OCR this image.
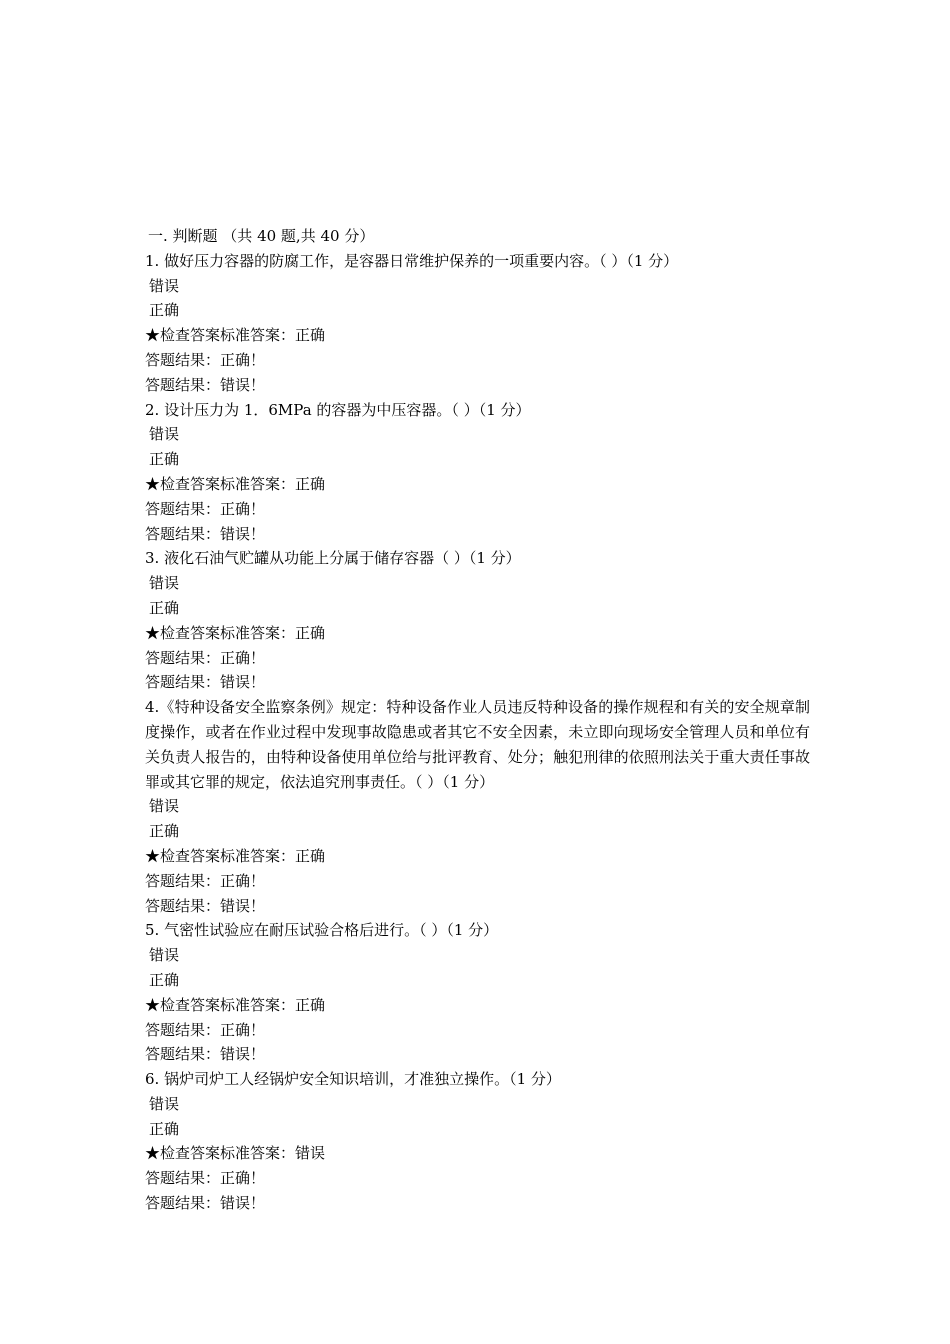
一. 判断题 （共 40 题,共 40 分）
1. 做好压力容器的防腐工作，是容器日常维护保养的一项重要内容。（ ）（1 分）
错误
正确
★检查答案标准答案：正确
答题结果：正确！
答题结果：错误！
2. 设计压力为 1．6MPa 的容器为中压容器。（ ）（1 分）
错误
正确
★检查答案标准答案：正确
答题结果：正确！
答题结果：错误！
3. 液化石油气贮罐从功能上分属于储存容器（ ）（1 分）
错误
正确
★检查答案标准答案：正确
答题结果：正确！
答题结果：错误！
4.《特种设备安全监察条例》规定：特种设备作业人员违反特种设备的操作规程和有关的安全规章制度操作，或者在作业过程中发现事故隐患或者其它不安全因素，未立即向现场安全管理人员和单位有关负责人报告的，由特种设备使用单位给与批评教育、处分；触犯刑律的依照刑法关于重大责任事故罪或其它罪的规定，依法追究刑事责任。（ ）（1 分）
错误
正确
★检查答案标准答案：正确
答题结果：正确！
答题结果：错误！
5. 气密性试验应在耐压试验合格后进行。（ ）（1 分）
错误
正确
★检查答案标准答案：正确
答题结果：正确！
答题结果：错误！
6. 锅炉司炉工人经锅炉安全知识培训，才准独立操作。（1 分）
错误
正确
★检查答案标准答案：错误
答题结果：正确！
答题结果：错误！
